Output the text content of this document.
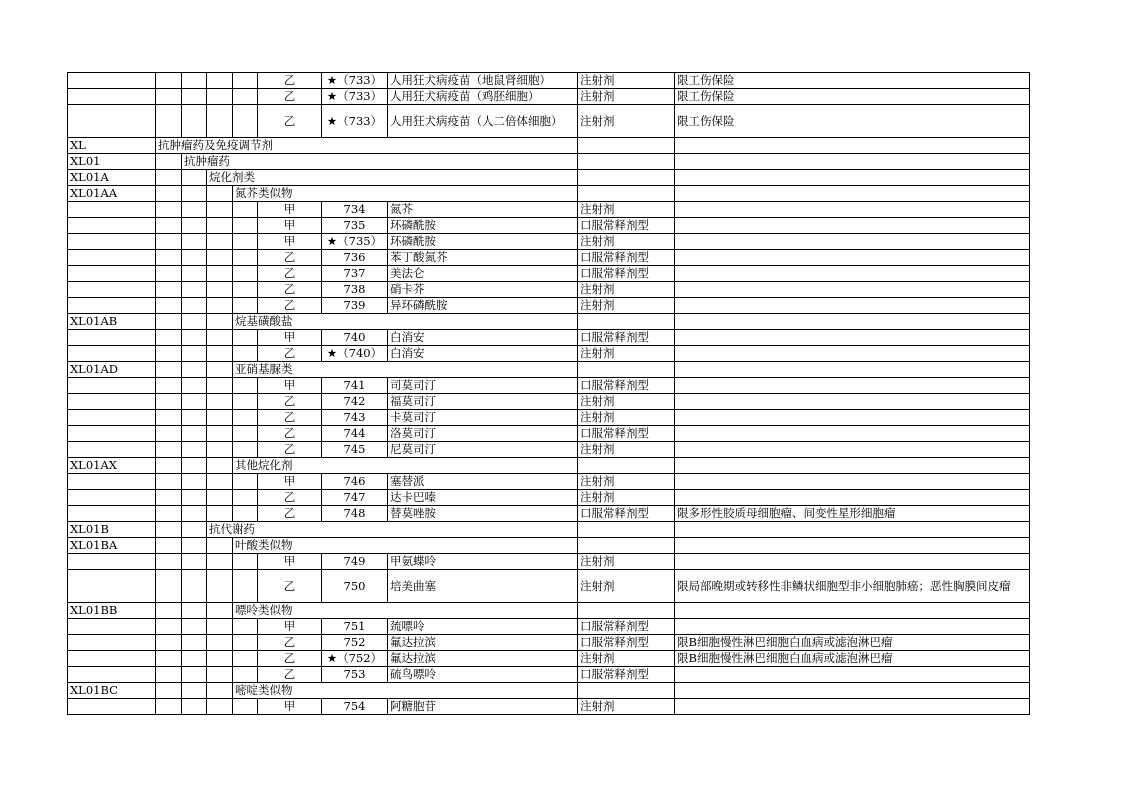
					乙	★（733）	人用狂犬病疫苗（地鼠肾细胞）	注射剂	限工伤保险	
					乙	★（733）	人用狂犬病疫苗（鸡胚细胞）	注射剂	限工伤保险	
					乙	★（733）	人用狂犬病疫苗（人二倍体细胞）	注射剂	限工伤保险	
XL	抗肿瘤药及免疫调节剂									
XL01		抗肿瘤药								
XL01A			烷化剂类							
XL01AA				氮芥类似物						
					甲	734	氮芥	注射剂		
					甲	735	环磷酰胺	口服常释剂型		
					甲	★（735）	环磷酰胺	注射剂		
					乙	736	苯丁酸氮芥	口服常释剂型		
					乙	737	美法仑	口服常释剂型		
					乙	738	硝卡芥	注射剂		
					乙	739	异环磷酰胺	注射剂		
XL01AB				烷基磺酸盐						
					甲	740	白消安	口服常释剂型		
					乙	★（740）	白消安	注射剂		
XL01AD				亚硝基脲类						
					甲	741	司莫司汀	口服常释剂型		
					乙	742	福莫司汀	注射剂		
					乙	743	卡莫司汀	注射剂		
					乙	744	洛莫司汀	口服常释剂型		
					乙	745	尼莫司汀	注射剂		
XL01AX				其他烷化剂						
					甲	746	塞替派	注射剂		
					乙	747	达卡巴嗪	注射剂		
					乙	748	替莫唑胺	口服常释剂型	限多形性胶质母细胞瘤、间变性星形细胞瘤	
XL01B			抗代谢药							
XL01BA				叶酸类似物						
					甲	749	甲氨蝶呤	注射剂		
					乙	750	培美曲塞	注射剂	限局部晚期或转移性非鳞状细胞型非小细胞肺癌；恶性胸膜间皮瘤	
XL01BB				嘌呤类似物						
					甲	751	巯嘌呤	口服常释剂型		
					乙	752	氟达拉滨	口服常释剂型	限B细胞慢性淋巴细胞白血病或滤泡淋巴瘤	
					乙	★（752）	氟达拉滨	注射剂	限B细胞慢性淋巴细胞白血病或滤泡淋巴瘤	
					乙	753	硫鸟嘌呤	口服常释剂型		
XL01BC				嘧啶类似物						
					甲	754	阿糖胞苷	注射剂		
